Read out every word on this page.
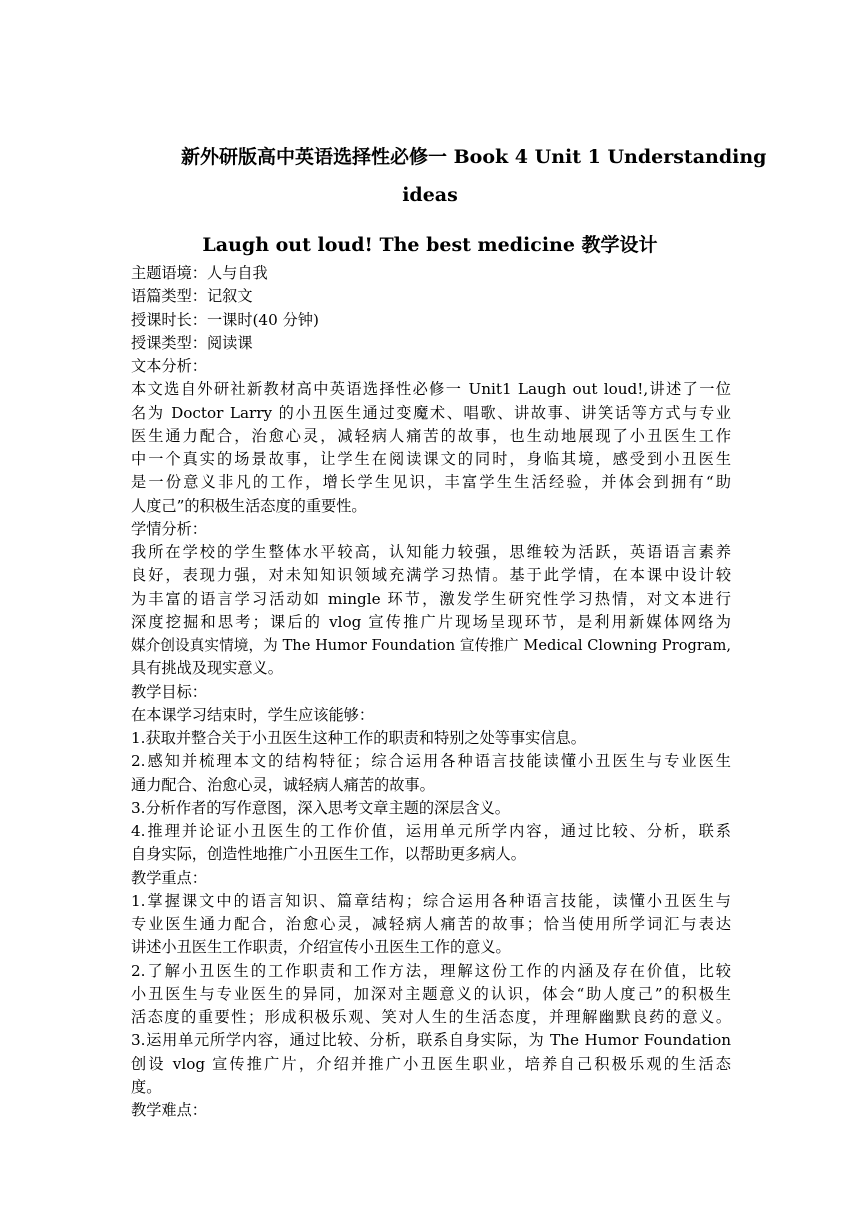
新外研版高中英语选择性必修一 Book 4 Unit 1 Understanding
ideas
Laugh out loud! The best medicine 教学设计
主题语境：人与自我
语篇类型：记叙文
授课时长：一课时(40 分钟)
授课类型：阅读课
文本分析：
本文选自外研社新教材高中英语选择性必修一 Unit1 Laugh out loud!,讲述了一位
名为 Doctor Larry 的小丑医生通过变魔术、唱歌、讲故事、讲笑话等方式与专业
医生通力配合，治愈心灵，减轻病人痛苦的故事，也生动地展现了小丑医生工作
中一个真实的场景故事，让学生在阅读课文的同时，身临其境，感受到小丑医生
是一份意义非凡的工作，增长学生见识，丰富学生生活经验，并体会到拥有“助
人度己”的积极生活态度的重要性。
学情分析：
我所在学校的学生整体水平较高，认知能力较强，思维较为活跃，英语语言素养
良好，表现力强，对未知知识领域充满学习热情。基于此学情，在本课中设计较
为丰富的语言学习活动如 mingle 环节，激发学生研究性学习热情，对文本进行
深度挖掘和思考；课后的 vlog 宣传推广片现场呈现环节，是利用新媒体网络为
媒介创设真实情境，为 The Humor Foundation 宣传推广 Medical Clowning Program,
具有挑战及现实意义。
教学目标：
在本课学习结束时，学生应该能够：
1.获取并整合关于小丑医生这种工作的职责和特别之处等事实信息。
2.感知并梳理本文的结构特征；综合运用各种语言技能读懂小丑医生与专业医生
通力配合、治愈心灵，诚轻病人痛苦的故事。
3.分析作者的写作意图，深入思考文章主题的深层含义。
4.推理并论证小丑医生的工作价值，运用单元所学内容，通过比较、分析，联系
自身实际，创造性地推广小丑医生工作，以帮助更多病人。
教学重点：
1.掌握课文中的语言知识、篇章结构；综合运用各种语言技能，读懂小丑医生与
专业医生通力配合，治愈心灵，减轻病人痛苦的故事；恰当使用所学词汇与表达
讲述小丑医生工作职责，介绍宣传小丑医生工作的意义。
2.了解小丑医生的工作职责和工作方法，理解这份工作的内涵及存在价值，比较
小丑医生与专业医生的异同，加深对主题意义的认识，体会“助人度己”的积极生
活态度的重要性；形成积极乐观、笑对人生的生活态度，并理解幽默良药的意义。
3.运用单元所学内容，通过比较、分析，联系自身实际，为 The Humor Foundation
创设 vlog 宣传推广片，介绍并推广小丑医生职业，培养自己积极乐观的生活态
度。
教学难点：
